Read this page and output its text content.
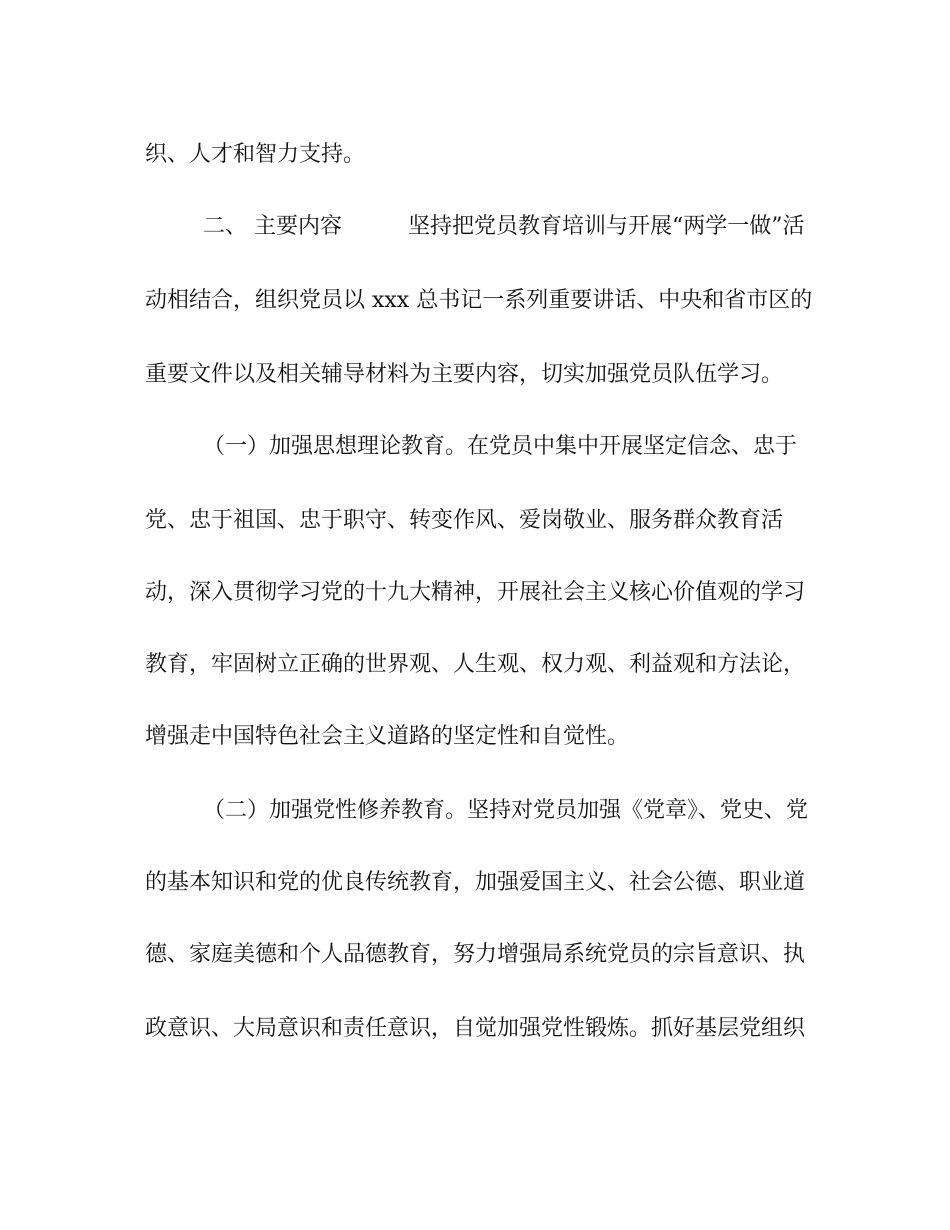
织、人才和智力支持。
二、 主要内容	坚持把党员教育培训与开展“两学一做”活
动相结合，组织党员以 xxx 总书记一系列重要讲话、中央和省市区的
重要文件以及相关辅导材料为主要内容，切实加强党员队伍学习。
（一）加强思想理论教育。在党员中集中开展坚定信念、忠于
党、忠于祖国、忠于职守、转变作风、爱岗敬业、服务群众教育活
动，深入贯彻学习党的十九大精神，开展社会主义核心价值观的学习
教育，牢固树立正确的世界观、人生观、权力观、利益观和方法论，
增强走中国特色社会主义道路的坚定性和自觉性。
（二）加强党性修养教育。坚持对党员加强《党章》、党史、党
的基本知识和党的优良传统教育，加强爱国主义、社会公德、职业道
德、家庭美德和个人品德教育，努力增强局系统党员的宗旨意识、执
政意识、大局意识和责任意识，自觉加强党性锻炼。抓好基层党组织
